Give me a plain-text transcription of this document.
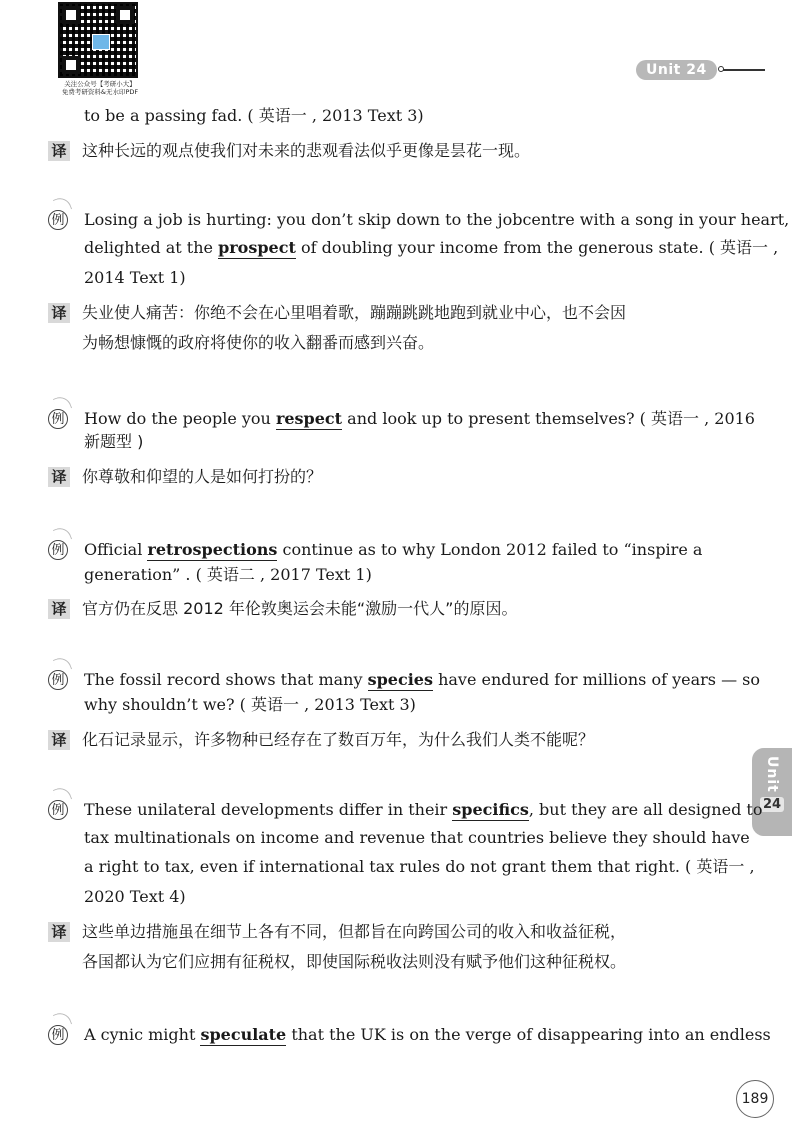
关注公众号【考研小大】
免费考研资料&无水印PDF
Unit 24
Unit
24
to be a passing fad. ( 英语一 , 2013 Text 3)
译 这种长远的观点使我们对未来的悲观看法似乎更像是昙花一现。
例 Losing a job is hurting: you don’t skip down to the jobcentre with a song in your heart,
delighted at the prospect of doubling your income from the generous state. ( 英语一 ,
2014 Text 1)
译 失业使人痛苦：你绝不会在心里唱着歌，蹦蹦跳跳地跑到就业中心，也不会因
为畅想慷慨的政府将使你的收入翻番而感到兴奋。
例 How do the people you respect and look up to present themselves? ( 英语一 , 2016
新题型 )
译 你尊敬和仰望的人是如何打扮的？
例 Official retrospections continue as to why London 2012 failed to “inspire a
generation” . ( 英语二 , 2017 Text 1)
译 官方仍在反思 2012 年伦敦奥运会未能“激励一代人”的原因。
例 The fossil record shows that many species have endured for millions of years — so
why shouldn’t we? ( 英语一 , 2013 Text 3)
译 化石记录显示，许多物种已经存在了数百万年，为什么我们人类不能呢？
例 These unilateral developments differ in their specifics, but they are all designed to
tax multinationals on income and revenue that countries believe they should have
a right to tax, even if international tax rules do not grant them that right. ( 英语一 ,
2020 Text 4)
译 这些单边措施虽在细节上各有不同，但都旨在向跨国公司的收入和收益征税，
各国都认为它们应拥有征税权，即使国际税收法则没有赋予他们这种征税权。
例 A cynic might speculate that the UK is on the verge of disappearing into an endless
189
